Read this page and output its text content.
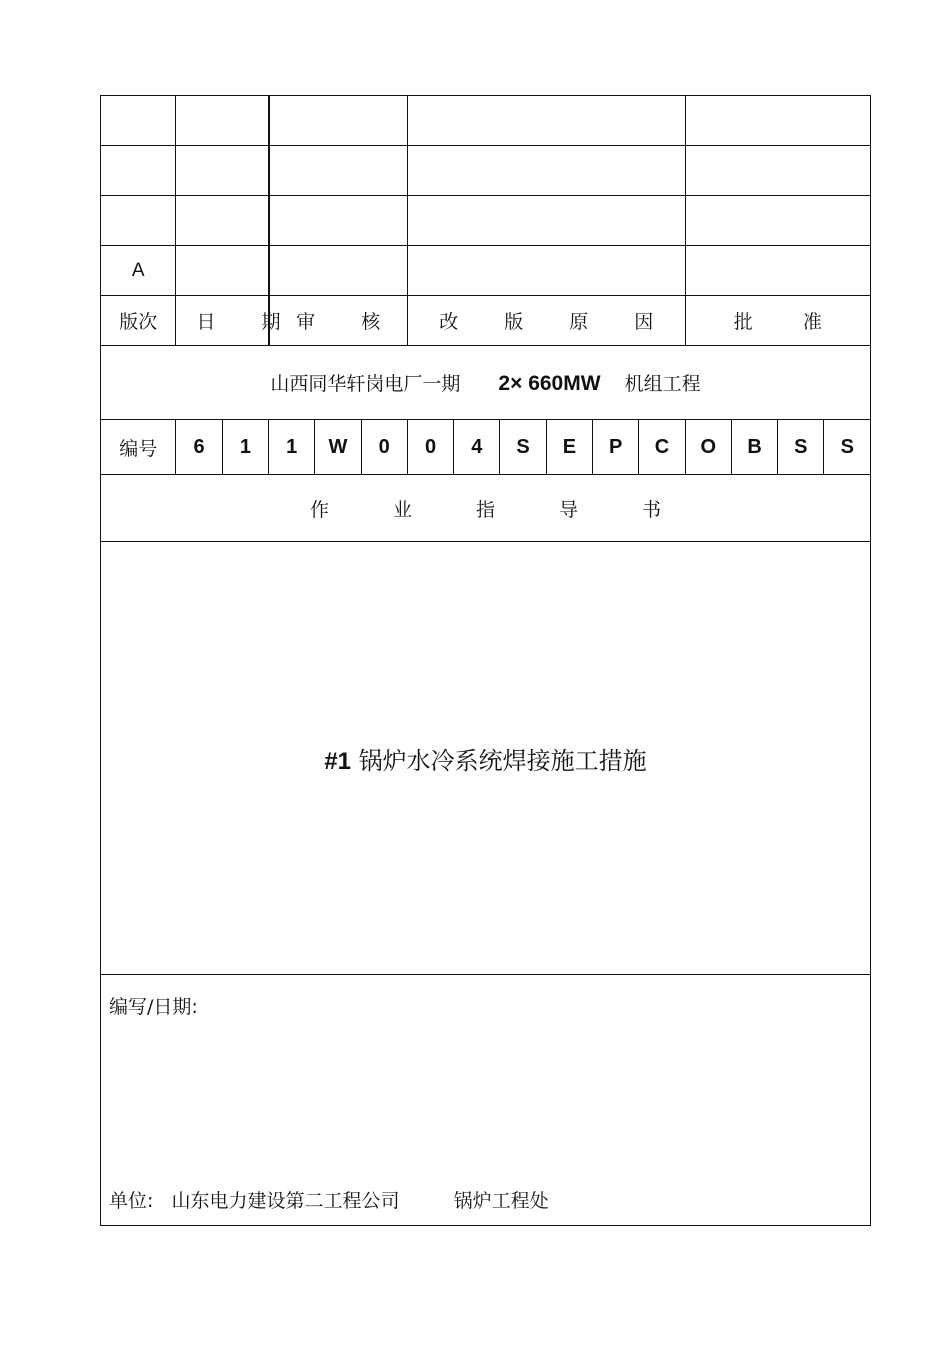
A															
版次	日 期		审 核			改 版 原 因						批 准			
山西同华轩岗电厂一期 2× 660MW 机组工程															
编号	6	1	1	W	0	0	4	S	E	P	C	O	B	S	S
作业指导书															

#1 锅炉水冷系统焊接施工措施															

编写/日期:
单位: 山东电力建设第二工程公司 锅炉工程处															
